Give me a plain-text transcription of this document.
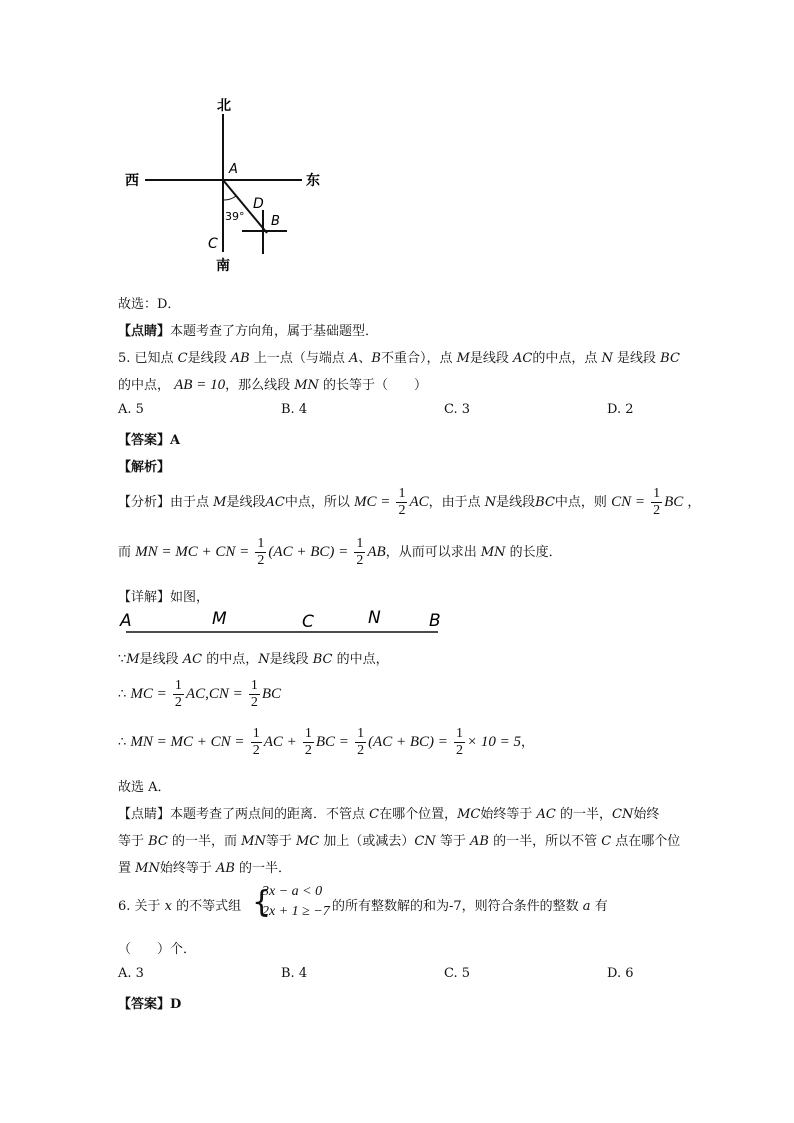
北
南
西	东
A
D
B
C
39°
故选：D．
【点睛】本题考查了方向角，属于基础题型．
5. 已知点 C是线段 AB 上一点（与端点 A、B不重合），点 M是线段 AC的中点，点 N 是线段 BC
的中点， AB = 10，那么线段 MN 的长等于（　　）
A. 5	B. 4	C. 3	D. 2
【答案】A
【解析】
【分析】由于点 M是线段AC中点，所以 MC = $\frac{1}{2}$ AC，由于点 N是线段BC中点，则 CN = $\frac{1}{2}$ BC ，
而 MN = MC + CN = $\frac{1}{2} (AC + BC) = \frac{1}{2}$ AB，从而可以求出 MN 的长度．
【详解】如图，
A	M	C	N	B
∵M是线段 AC 的中点，N是线段 BC 的中点，
∴ MC = $\frac{1}{2} AC,CN = \frac{1}{2}$ BC
∴ MN = MC + CN = $\frac{1}{2}$ AC + $\frac{1}{2}$ BC = $\frac{1}{2} (AC + BC) = \frac{1}{2} \times 10 = 5$，
故选 A．
【点睛】本题考查了两点间的距离．不管点 C在哪个位置，MC始终等于 AC 的一半，CN始终
等于 BC 的一半，而 MN等于 MC 加上（或减去）CN 等于 AB 的一半，所以不管 C 点在哪个位
置 MN始终等于 AB 的一半．
6. 关于 x 的不等式组 {
3x − a < 0
2x + 1 ≥ −7 的所有整数解的和为-7，则符合条件的整数 a 有
（　　）个．
A. 3	B. 4	C. 5	D. 6
【答案】D
